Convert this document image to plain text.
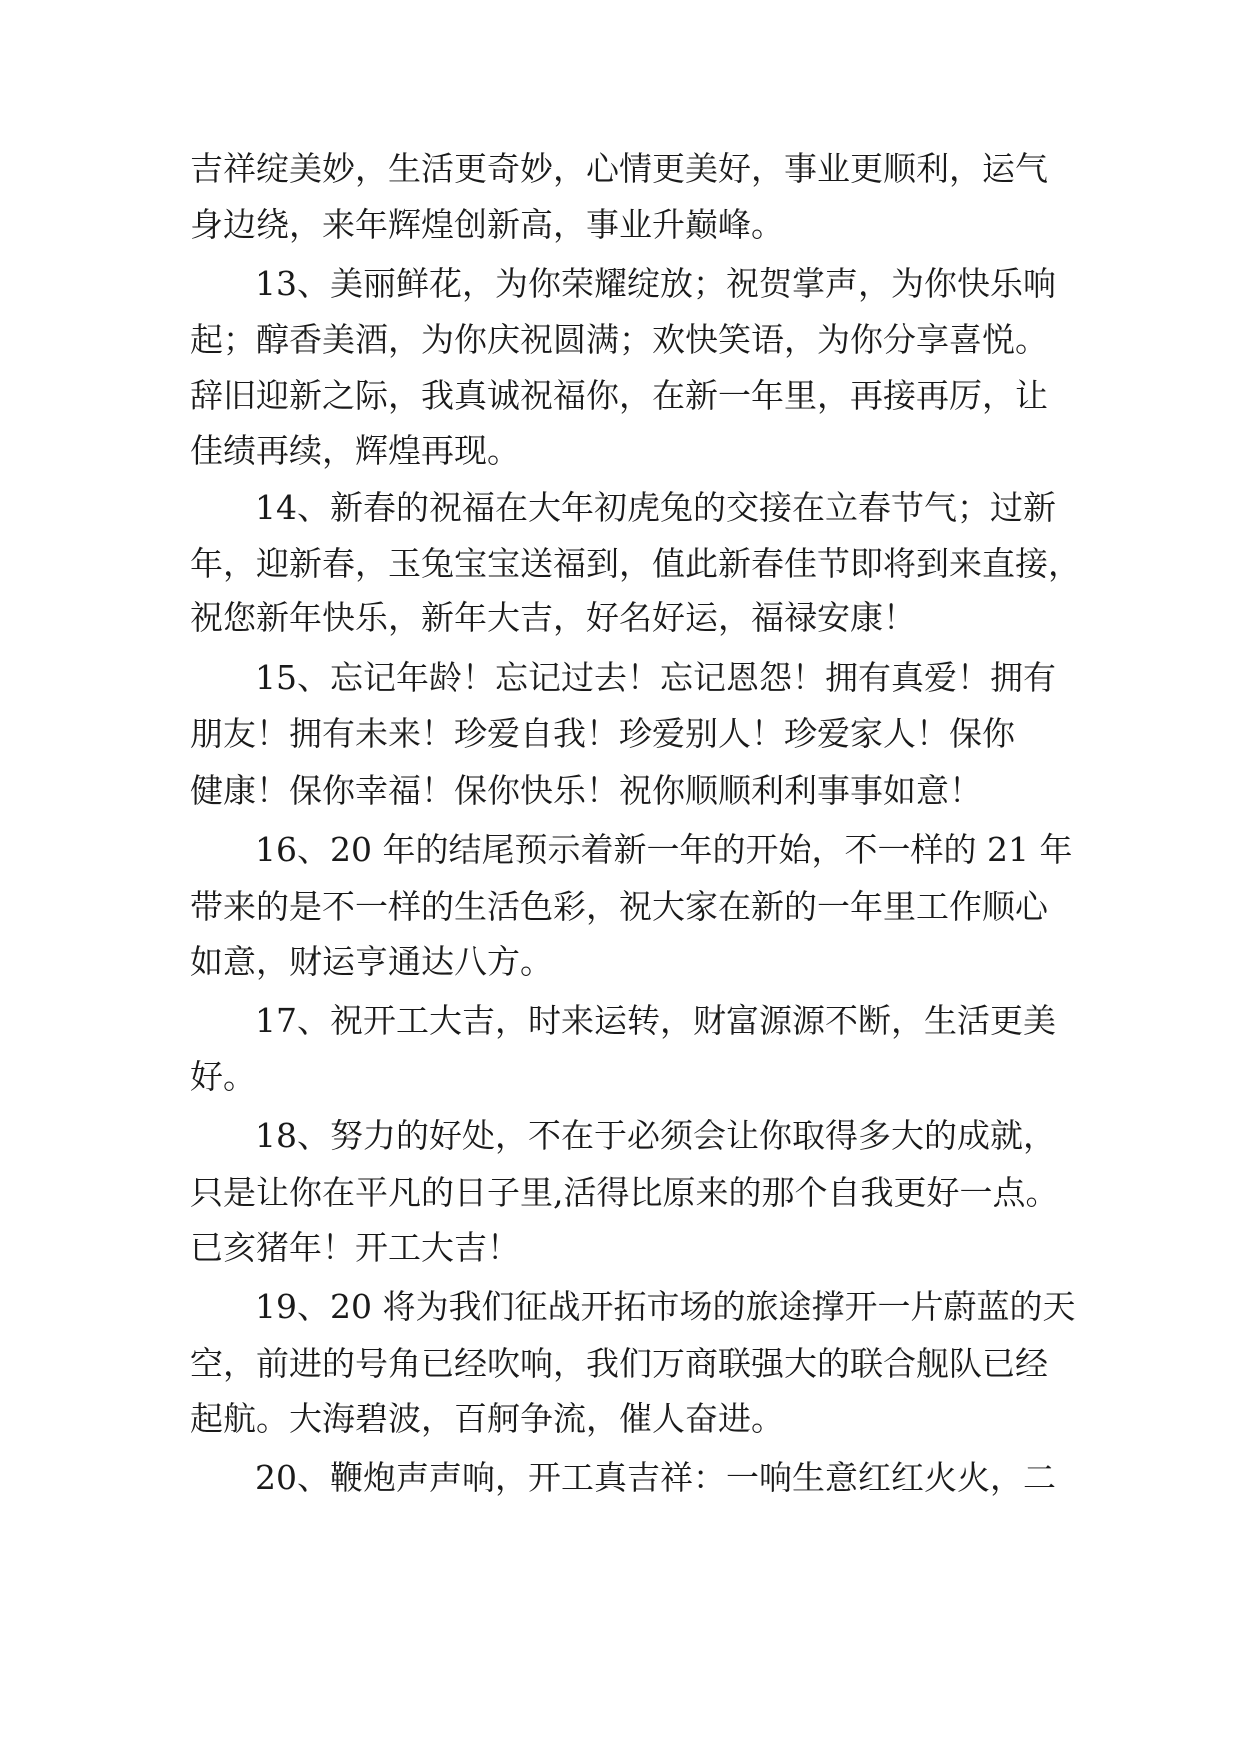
吉祥绽美妙，生活更奇妙，心情更美好，事业更顺利，运气
身边绕，来年辉煌创新高，事业升巅峰。
13、美丽鲜花，为你荣耀绽放；祝贺掌声，为你快乐响
起；醇香美酒，为你庆祝圆满；欢快笑语，为你分享喜悦。
辞旧迎新之际，我真诚祝福你，在新一年里，再接再厉，让
佳绩再续，辉煌再现。
14、新春的祝福在大年初虎兔的交接在立春节气；过新
年，迎新春，玉兔宝宝送福到，值此新春佳节即将到来直接，
祝您新年快乐，新年大吉，好名好运，福禄安康！
15、忘记年龄！忘记过去！忘记恩怨！拥有真爱！拥有
朋友！拥有未来！珍爱自我！珍爱别人！珍爱家人！保你
健康！保你幸福！保你快乐！祝你顺顺利利事事如意！
16、20 年的结尾预示着新一年的开始，不一样的 21 年
带来的是不一样的生活色彩，祝大家在新的一年里工作顺心
如意，财运亨通达八方。
17、祝开工大吉，时来运转，财富源源不断，生活更美
好。
18、努力的好处，不在于必须会让你取得多大的成就，
只是让你在平凡的日子里,活得比原来的那个自我更好一点。
已亥猪年！开工大吉！
19、20 将为我们征战开拓市场的旅途撑开一片蔚蓝的天
空，前进的号角已经吹响，我们万商联强大的联合舰队已经
起航。大海碧波，百舸争流，催人奋进。
20、鞭炮声声响，开工真吉祥：一响生意红红火火，二
